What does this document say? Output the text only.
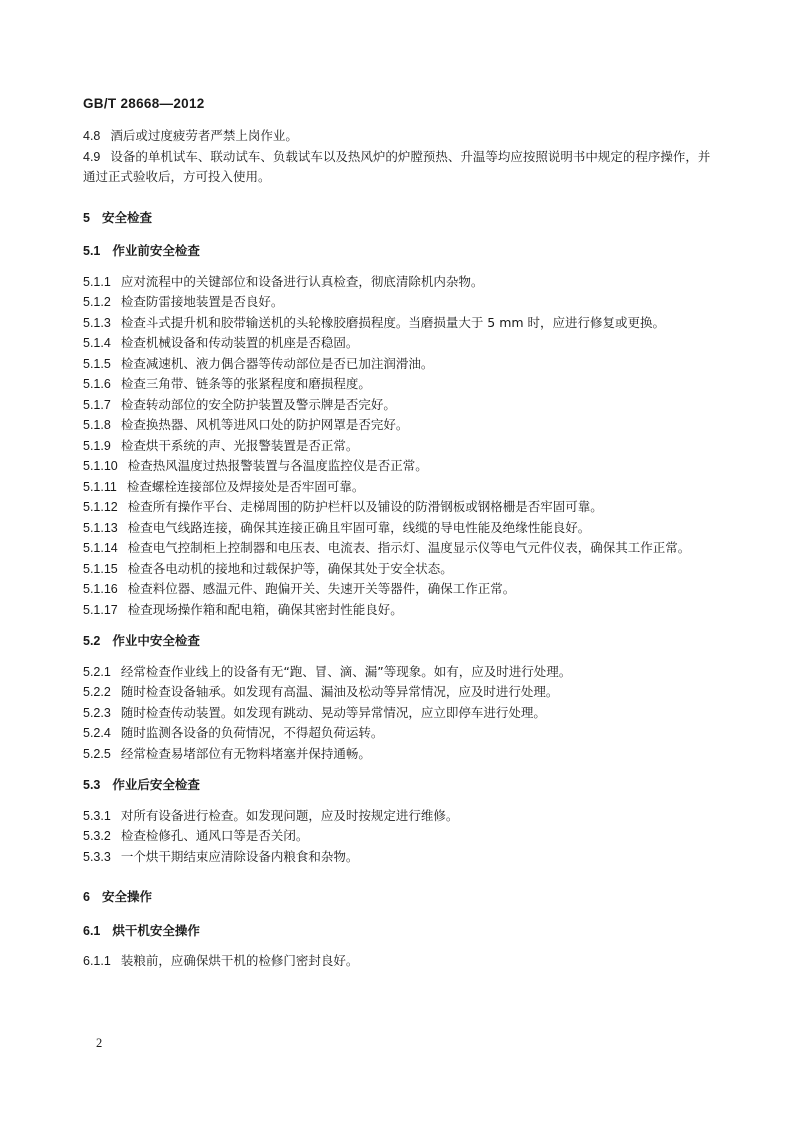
GB/T 28668—2012
4.8 酒后或过度疲劳者严禁上岗作业。
4.9 设备的单机试车、联动试车、负载试车以及热风炉的炉膛预热、升温等均应按照说明书中规定的程序操作，并通过正式验收后，方可投入使用。
5 安全检查
5.1 作业前安全检查
5.1.1 应对流程中的关键部位和设备进行认真检查，彻底清除机内杂物。
5.1.2 检查防雷接地装置是否良好。
5.1.3 检查斗式提升机和胶带输送机的头轮橡胶磨损程度。当磨损量大于 5 mm 时，应进行修复或更换。
5.1.4 检查机械设备和传动装置的机座是否稳固。
5.1.5 检查减速机、液力偶合器等传动部位是否已加注润滑油。
5.1.6 检查三角带、链条等的张紧程度和磨损程度。
5.1.7 检查转动部位的安全防护装置及警示牌是否完好。
5.1.8 检查换热器、风机等进风口处的防护网罩是否完好。
5.1.9 检查烘干系统的声、光报警装置是否正常。
5.1.10 检查热风温度过热报警装置与各温度监控仪是否正常。
5.1.11 检查螺栓连接部位及焊接处是否牢固可靠。
5.1.12 检查所有操作平台、走梯周围的防护栏杆以及铺设的防滑钢板或钢格栅是否牢固可靠。
5.1.13 检查电气线路连接，确保其连接正确且牢固可靠，线缆的导电性能及绝缘性能良好。
5.1.14 检查电气控制柜上控制器和电压表、电流表、指示灯、温度显示仪等电气元件仪表，确保其工作正常。
5.1.15 检查各电动机的接地和过载保护等，确保其处于安全状态。
5.1.16 检查料位器、感温元件、跑偏开关、失速开关等器件，确保工作正常。
5.1.17 检查现场操作箱和配电箱，确保其密封性能良好。
5.2 作业中安全检查
5.2.1 经常检查作业线上的设备有无“跑、冒、滴、漏”等现象。如有，应及时进行处理。
5.2.2 随时检查设备轴承。如发现有高温、漏油及松动等异常情况，应及时进行处理。
5.2.3 随时检查传动装置。如发现有跳动、晃动等异常情况，应立即停车进行处理。
5.2.4 随时监测各设备的负荷情况，不得超负荷运转。
5.2.5 经常检查易堵部位有无物料堵塞并保持通畅。
5.3 作业后安全检查
5.3.1 对所有设备进行检查。如发现问题，应及时按规定进行维修。
5.3.2 检查检修孔、通风口等是否关闭。
5.3.3 一个烘干期结束应清除设备内粮食和杂物。
6 安全操作
6.1 烘干机安全操作
6.1.1 装粮前，应确保烘干机的检修门密封良好。
2
